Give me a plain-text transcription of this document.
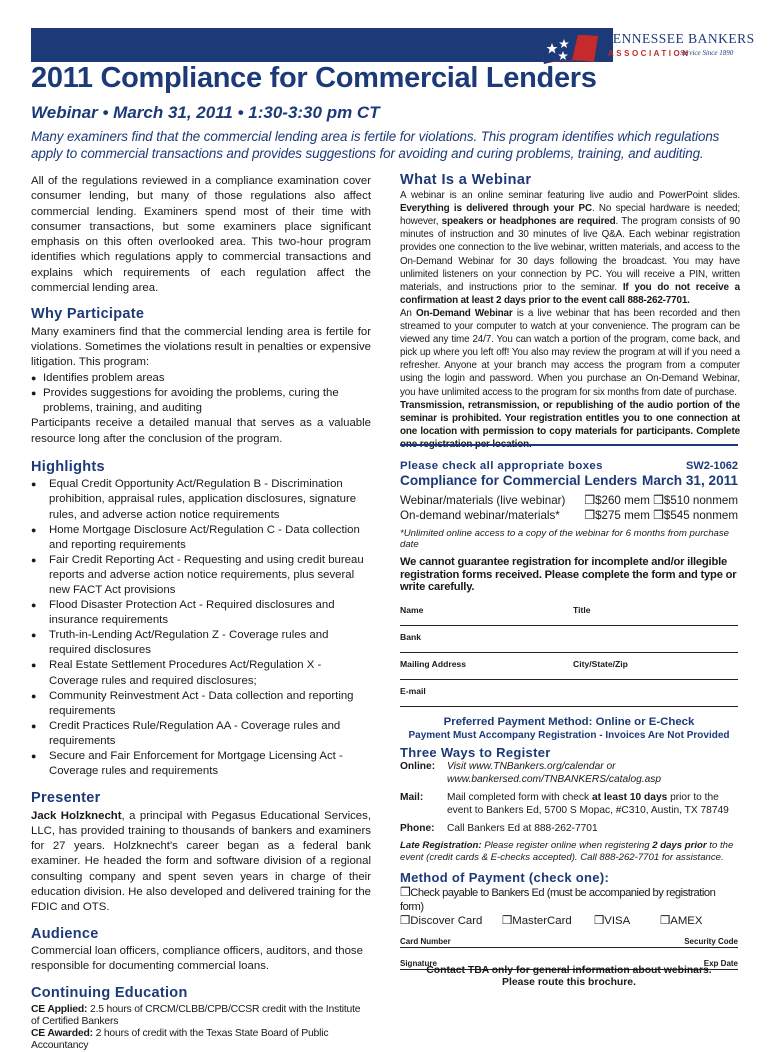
TENNESSEE BANKERS
ASSOCIATION
Service Since 1890
2011 Compliance for Commercial Lenders
Webinar • March 31, 2011 • 1:30-3:30 pm CT
Many examiners find that the commercial lending area is fertile for violations. This program identifies which regulations apply to commercial transactions and provides suggestions for avoiding and curing problems, training, and auditing.

All of the regulations reviewed in a compliance examination cover consumer lending, but many of those regulations also affect commercial lending. Examiners spend most of their time with consumer transactions, but some examiners place significant emphasis on this often overlooked area. This two-hour program identifies which regulations apply to commercial transactions and explains which requirements of each regulation affect the commercial lending area.

Why Participate

Many examiners find that the commercial lending area is fertile for violations. Sometimes the violations result in penalties or expensive litigation. This program:

● Identifies problem areas
● Provides suggestions for avoiding the problems, curing the problems, training, and auditing

Participants receive a detailed manual that serves as a valuable resource long after the conclusion of the program.

Highlights
● Equal Credit Opportunity Act/Regulation B - Discrimination prohibition, appraisal rules, application disclosures, signature rules, and adverse action notice requirements
● Home Mortgage Disclosure Act/Regulation C - Data collection and reporting requirements
● Fair Credit Reporting Act - Requesting and using credit bureau reports and adverse action notice requirements, plus several new FACT Act provisions
● Flood Disaster Protection Act - Required disclosures and insurance requirements
● Truth-in-Lending Act/Regulation Z - Coverage rules and required disclosures
● Real Estate Settlement Procedures Act/Regulation X - Coverage rules and required disclosures;
● Community Reinvestment Act - Data collection and reporting requirements
● Credit Practices Rule/Regulation AA - Coverage rules and requirements
● Secure and Fair Enforcement for Mortgage Licensing Act - Coverage rules and requirements
Presenter

Jack Holzknecht, a principal with Pegasus Educational Services, LLC, has provided training to thousands of bankers and examiners for 27 years. Holzknecht's career began as a federal bank examiner. He headed the form and software division of a regional consulting company and spent seven years in charge of their education division. He also developed and delivered training for the FDIC and OTS.

Audience

Commercial loan officers, compliance officers, auditors, and those responsible for documenting commercial loans.

Continuing Education
CE Applied: 2.5 hours of CRCM/CLBB/CPB/CCSR credit with the Institute of Certified Bankers
CE Awarded: 2 hours of credit with the Texas State Board of Public Accountancy
What Is a Webinar

A webinar is an online seminar featuring live audio and PowerPoint slides. Everything is delivered through your PC. No special hardware is needed; however, speakers or headphones are required. The program consists of 90 minutes of instruction and 30 minutes of live Q&A. Each webinar registration provides one connection to the live webinar, written materials, and access to the On-Demand Webinar for 30 days following the broadcast. You may have unlimited listeners on your connection by PC. You will receive a PIN, written materials, and instructions prior to the seminar. If you do not receive a confirmation at least 2 days prior to the event call 888-262-7701.

An On-Demand Webinar is a live webinar that has been recorded and then streamed to your computer to watch at your convenience. The program can be viewed any time 24/7. You can watch a portion of the program, come back, and pick up where you left off! You also may review the program at will if you need a refresher. Anyone at your branch may access the program from a computer using the login and password. When you purchase an On-Demand Webinar, you have unlimited access to the program for six months from date of purchase.

Transmission, retransmission, or republishing of the audio portion of the seminar is prohibited. Your registration entitles you to one connection at one location with permission to copy materials for participants. Complete

Please check all appropriate boxes	SW2-1062
Compliance for Commercial Lenders March 31, 2011
Webinar/materials (live webinar) ❒$260 mem ❒$510 nonmem
On-demand webinar/materials* ❒$275 mem ❒$545 nonmem
*Unlimited online access to a copy of the webinar for 6 months from purchase date
We cannot guarantee registration for incomplete and/or illegible registration forms received. Please complete the form and type or write carefully.
Name	Title
Bank
Mailing Address	City/State/Zip
E-mail
Preferred Payment Method: Online or E-Check
Payment Must Accompany Registration - Invoices Are Not Provided
Three Ways to Register
Online:	Visit www.TNBankers.org/calendar or www.bankersed.com/TNBANKERS/catalog.asp
Mail:	Mail completed form with check at least 10 days prior to the event to Bankers Ed, 5700 S Mopac, #C310, Austin, TX 78749
Phone:	Call Bankers Ed at 888-262-7701
Late Registration: Please register online when registering 2 days prior to the event (credit cards & E-checks accepted). Call 888-262-7701 for assistance.
Method of Payment (check one):
❒Check payable to Bankers Ed (must be accompanied by registration form)
❒Discover Card	❒MasterCard	❒VISA	❒AMEX
Card Number	Security Code
Signature	Exp Date
Contact TBA only for general information about webinars.
Please route this brochure.
